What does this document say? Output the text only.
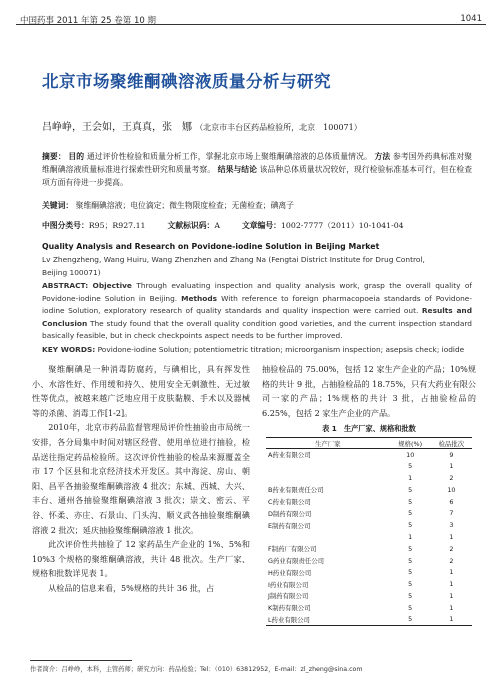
中国药事 2011 年第 25 卷第 10 期	1041
北京市场聚维酮碘溶液质量分析与研究
吕峥峥，王会如，王真真，张　娜 （北京市丰台区药品检验所，北京　100071）
摘要： 目的 通过评价性检验和质量分析工作，掌握北京市场上聚维酮碘溶液的总体质量情况。 方法 参考国外药典标准对聚维酮碘溶液质量标准进行探索性研究和质量考察。 结果与结论 该品种总体质量状况较好，现行检验标准基本可行，但在检查项方面有待进一步提高。
关键词： 聚维酮碘溶液；电位滴定；微生物限度检查；无菌检查；碘离子
中图分类号：R95；R927.11	文献标识码：A	文章编号：1002-7777（2011）10-1041-04
Quality Analysis and Research on Povidone-iodine Solution in Beijing Market
Lv Zhengzheng, Wang Huiru, Wang Zhenzhen and Zhang Na (Fengtai District Institute for Drug Control,
Beijing 100071)
ABSTRACT: Objective Through evaluating inspection and quality analysis work, grasp the overall quality of Povidone-iodine Solution in Beijing. Methods With reference to foreign pharmacopoeia standards of Povidone-iodine Solution, exploratory research of quality standards and quality inspection were carried out. Results and Conclusion The study found that the overall quality condition good varieties, and the current inspection standard basically feasible, but in check checkpoints aspect needs to be further improved.
KEY WORDS: Povidone-iodine Solution; potentiometric titration; microorganism inspection; asepsis check; iodide

聚维酮碘是一种消毒防腐药，与碘相比，具有挥发性小、水溶性好、作用缓和持久、使用安全无刺激性、无过敏性等优点，被越来越广泛地应用于皮肤黏膜、手术以及器械等的杀菌、消毒工作[1-2]。

2010年，北京市药品监督管理局评价性抽验由市局统一安排，各分局集中时间对辖区经营、使用单位进行抽验，检品送往指定药品检验所。这次评价性抽验的检品来源覆盖全市 17 个区县和北京经济技术开发区。其中海淀、房山、朝阳、昌平各抽验聚维酮碘溶液 4 批次；东城、西城、大兴、丰台、通州各抽验聚维酮碘溶液 3 批次；崇文、密云、平谷、怀柔、亦庄、石景山、门头沟、顺义武各抽验聚维酮碘溶液 2 批次；延庆抽验聚维酮碘溶液 1 批次。

此次评价性共抽验了 12 家药品生产企业的 1%、5%和 10%3 个规格的聚维酮碘溶液，共计 48 批次。生产厂家、规格和批数详见表 1。

从检品的信息来看，5%规格的共计 36 批，占

抽验检品的 75.00%，包括 12 家生产企业的产品；10%规格的共计 9 批，占抽验检品的 18.75%，只有大药业有限公司一家的产品；1%规格的共计 3 批，占抽验检品的 6.25%，包括 2 家生产企业的产品。

表 1　生产厂家、规格和批数
生产厂家	规格(%)	检品批次
A药业有限公司	10	9
	5	1
	1	2
B药业有限责任公司	5	10
C药业有限公司	5	6
D制药有限公司	5	7
E制药有限公司	5	3
	1	1
F制药厂有限公司	5	2
G药业有限责任公司	5	2
H药业有限公司	5	1
I药业有限公司	5	1
J制药有限公司	5	1
K制药有限公司	5	1
L药业有限公司	5	1
作者简介：吕峥峥，本科，主管药师；研究方向：药品检验；Tel：（010）63812952，E-mail：zl_zheng@sina.com
